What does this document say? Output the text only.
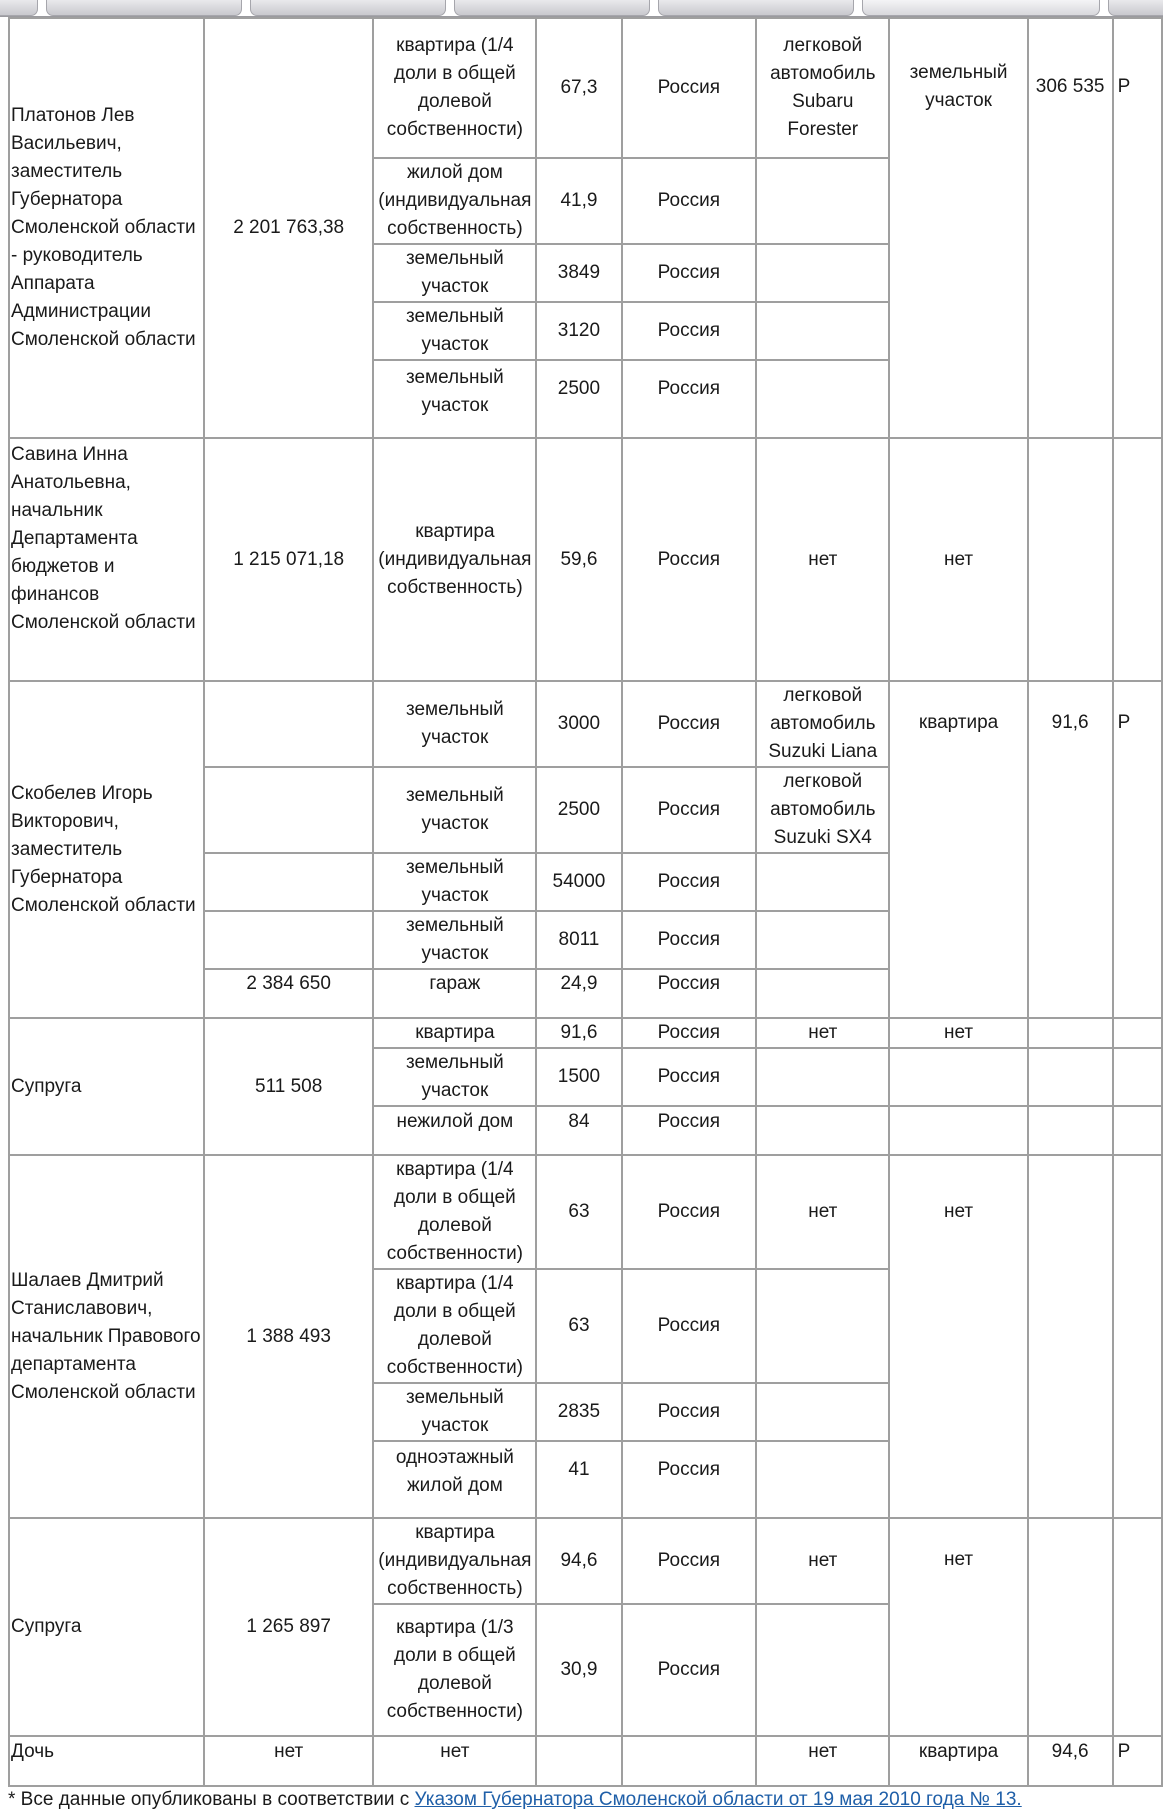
Платонов Лев Васильевич, заместитель Губернатора Смоленской области - руководитель Аппарата Администрации Смоленской области	2 201 763,38	квартира (1/4 доли в общей долевой собственности)	67,3	Россия	легковой автомобиль Subaru Forester	земельный участок	306 535	Р
		жилой дом (индивидуальная собственность)	41,9	Россия				
		земельный участок	3849	Россия				
		земельный участок	3120	Россия				
		земельный участок	2500	Россия				
Савина Инна Анатольевна, начальник Департамента бюджетов и финансов Смоленской области	1 215 071,18	квартира (индивидуальная собственность)	59,6	Россия	нет	нет		
Скобелев Игорь Викторович, заместитель Губернатора Смоленской области		земельный участок	3000	Россия	легковой автомобиль Suzuki Liana	квартира	91,6	Р
		земельный участок	2500	Россия	легковой автомобиль Suzuki SX4			
		земельный участок	54000	Россия				
		земельный участок	8011	Россия				
	2 384 650	гараж	24,9	Россия				
Супруга	511 508	квартира	91,6	Россия	нет	нет		
		земельный участок	1500	Россия				
		нежилой дом	84	Россия				
Шалаев Дмитрий Станиславович, начальник Правового департамента Смоленской области	1 388 493	квартира (1/4 доли в общей долевой собственности)	63	Россия	нет	нет		
		квартира (1/4 доли в общей долевой собственности)	63	Россия				
		земельный участок	2835	Россия				
		одноэтажный жилой дом	41	Россия				
Супруга	1 265 897	квартира (индивидуальная собственность)	94,6	Россия	нет	нет		
		квартира (1/3 доли в общей долевой собственности)	30,9	Россия				
Дочь	нет	нет			нет	квартира	94,6	Р
* Все данные опубликованы в соответствии с Указом Губернатора Смоленской области от 19 мая 2010 года № 13.
